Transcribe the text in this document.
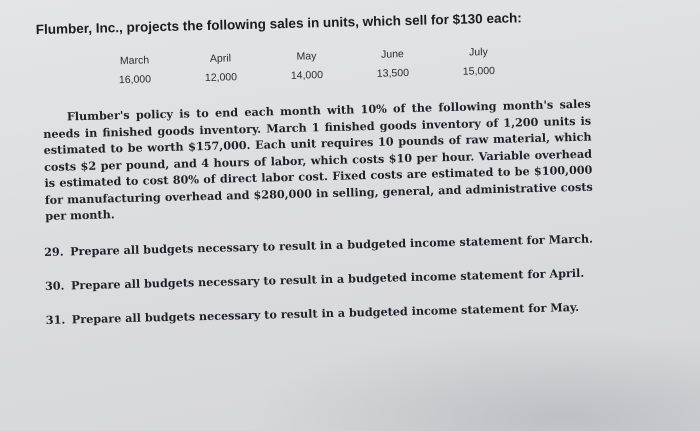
Flumber, Inc., projects the following sales in units, which sell for $130 each:
March	April	May	June	July
16,000	12,000	14,000	13,500	15,000
Flumber's policy is to end each month with 10% of the following month's sales needs in finished goods inventory. March 1 finished goods inventory of 1,200 units is estimated to be worth $157,000. Each unit requires 10 pounds of raw material, which costs $2 per pound, and 4 hours of labor, which costs $10 per hour. Variable overhead is estimated to cost 80% of direct labor cost. Fixed costs are estimated to be $100,000 for manufacturing overhead and $280,000 in selling, general, and administrative costs per month.
29. Prepare all budgets necessary to result in a budgeted income statement for March.
30. Prepare all budgets necessary to result in a budgeted income statement for April.
31. Prepare all budgets necessary to result in a budgeted income statement for May.
